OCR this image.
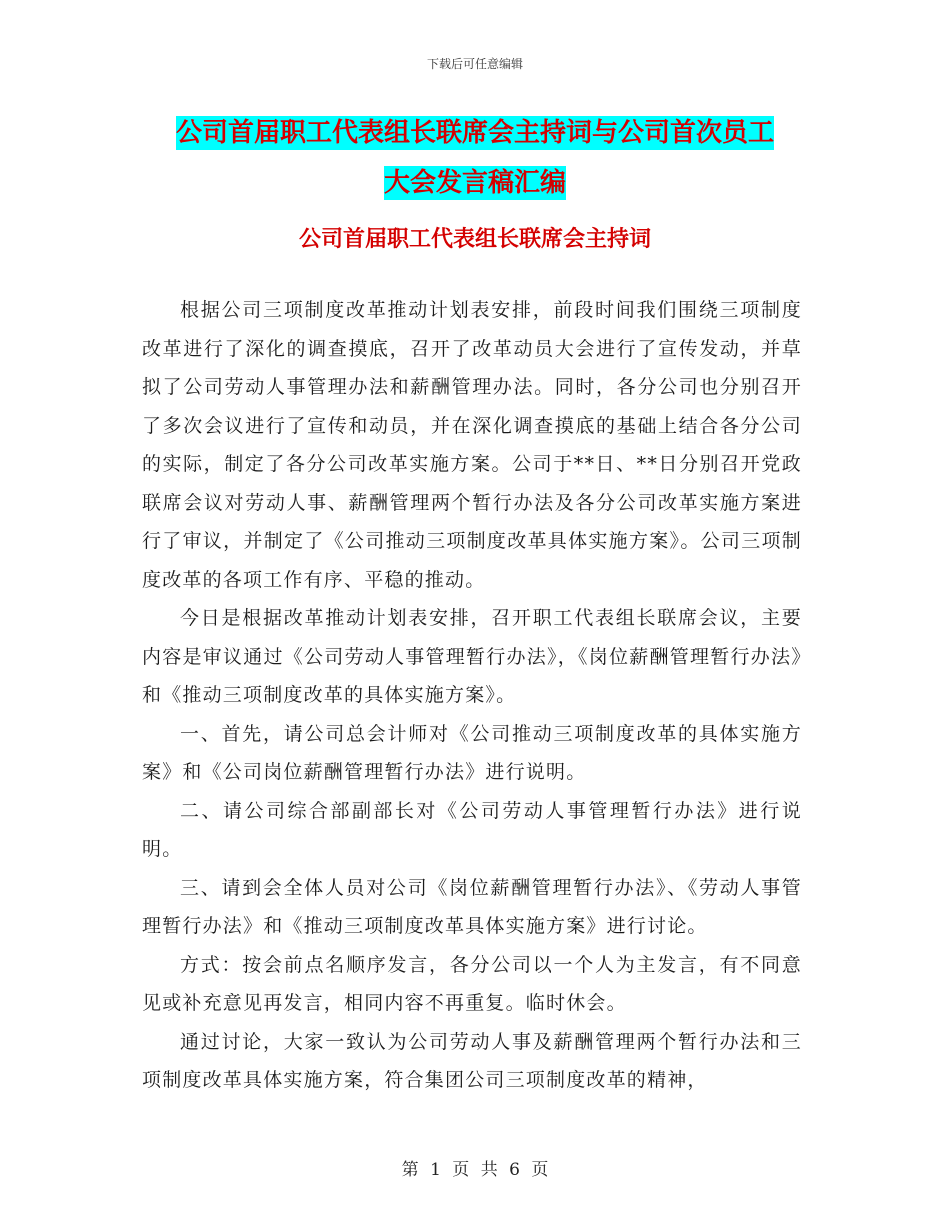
下载后可任意编辑
公司首届职工代表组长联席会主持词与公司首次员工
大会发言稿汇编
公司首届职工代表组长联席会主持词

根据公司三项制度改革推动计划表安排，前段时间我们围绕三项制度改革进行了深化的调查摸底，召开了改革动员大会进行了宣传发动，并草拟了公司劳动人事管理办法和薪酬管理办法。同时，各分公司也分别召开了多次会议进行了宣传和动员，并在深化调查摸底的基础上结合各分公司的实际，制定了各分公司改革实施方案。公司于**日、**日分别召开党政联席会议对劳动人事、薪酬管理两个暂行办法及各分公司改革实施方案进行了审议，并制定了《公司推动三项制度改革具体实施方案》。公司三项制度改革的各项工作有序、平稳的推动。

今日是根据改革推动计划表安排，召开职工代表组长联席会议，主要内容是审议通过《公司劳动人事管理暂行办法》，《岗位薪酬管理暂行办法》和《推动三项制度改革的具体实施方案》。

一、首先，请公司总会计师对《公司推动三项制度改革的具体实施方案》和《公司岗位薪酬管理暂行办法》进行说明。

二、请公司综合部副部长对《公司劳动人事管理暂行办法》进行说明。

三、请到会全体人员对公司《岗位薪酬管理暂行办法》、《劳动人事管理暂行办法》和《推动三项制度改革具体实施方案》进行讨论。

方式：按会前点名顺序发言，各分公司以一个人为主发言，有不同意见或补充意见再发言，相同内容不再重复。临时休会。

通过讨论，大家一致认为公司劳动人事及薪酬管理两个暂行办法和三项制度改革具体实施方案，符合集团公司三项制度改革的精神，

第 1 页 共 6 页
